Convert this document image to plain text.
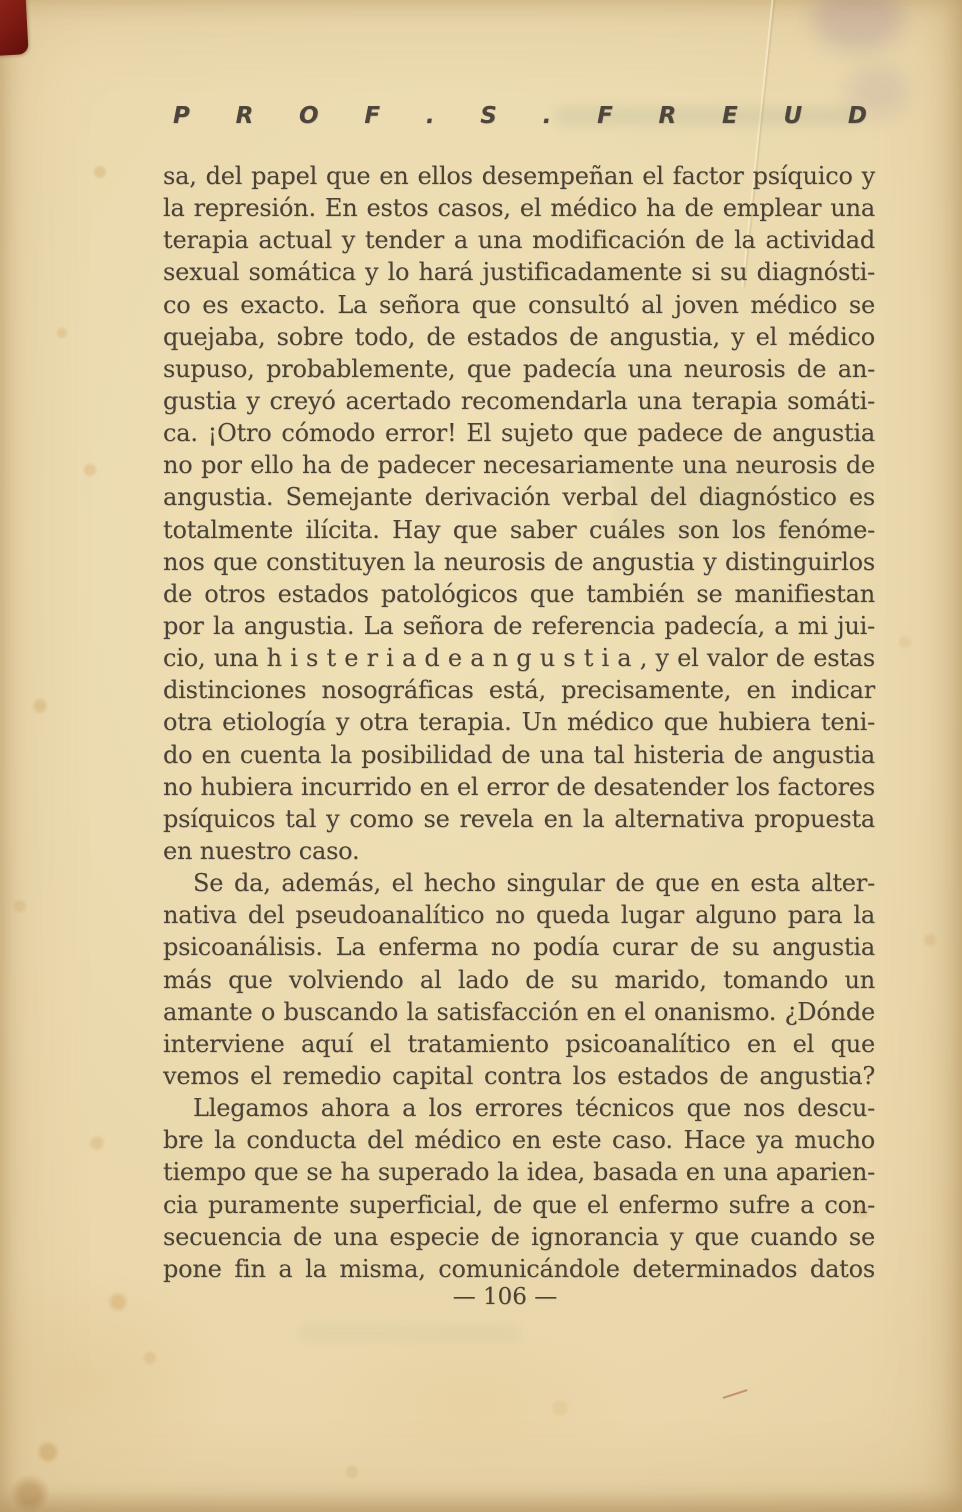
P R O F . S . F R E U D
sa, del papel que en ellos desempeñan el factor psíquico y
la represión. En estos casos, el médico ha de emplear una
terapia actual y tender a una modificación de la actividad
sexual somática y lo hará justificadamente si su diagnósti-
co es exacto. La señora que consultó al joven médico se
quejaba, sobre todo, de estados de angustia, y el médico
supuso, probablemente, que padecía una neurosis de an-
gustia y creyó acertado recomendarla una terapia somáti-
ca. ¡Otro cómodo error! El sujeto que padece de angustia
no por ello ha de padecer necesariamente una neurosis de
angustia. Semejante derivación verbal del diagnóstico es
totalmente ilícita. Hay que saber cuáles son los fenóme-
nos que constituyen la neurosis de angustia y distinguirlos
de otros estados patológicos que también se manifiestan
por la angustia. La señora de referencia padecía, a mi jui-
cio, una h i s t e r i a d e a n g u s t i a , y el valor de estas
distinciones nosográficas está, precisamente, en indicar
otra etiología y otra terapia. Un médico que hubiera teni-
do en cuenta la posibilidad de una tal histeria de angustia
no hubiera incurrido en el error de desatender los factores
psíquicos tal y como se revela en la alternativa propuesta
en nuestro caso.
Se da, además, el hecho singular de que en esta alter-
nativa del pseudoanalítico no queda lugar alguno para la
psicoanálisis. La enferma no podía curar de su angustia
más que volviendo al lado de su marido, tomando un
amante o buscando la satisfacción en el onanismo. ¿Dónde
interviene aquí el tratamiento psicoanalítico en el que
vemos el remedio capital contra los estados de angustia?
Llegamos ahora a los errores técnicos que nos descu-
bre la conducta del médico en este caso. Hace ya mucho
tiempo que se ha superado la idea, basada en una aparien-
cia puramente superficial, de que el enfermo sufre a con-
secuencia de una especie de ignorancia y que cuando se
pone fin a la misma, comunicándole determinados datos
— 106 —
